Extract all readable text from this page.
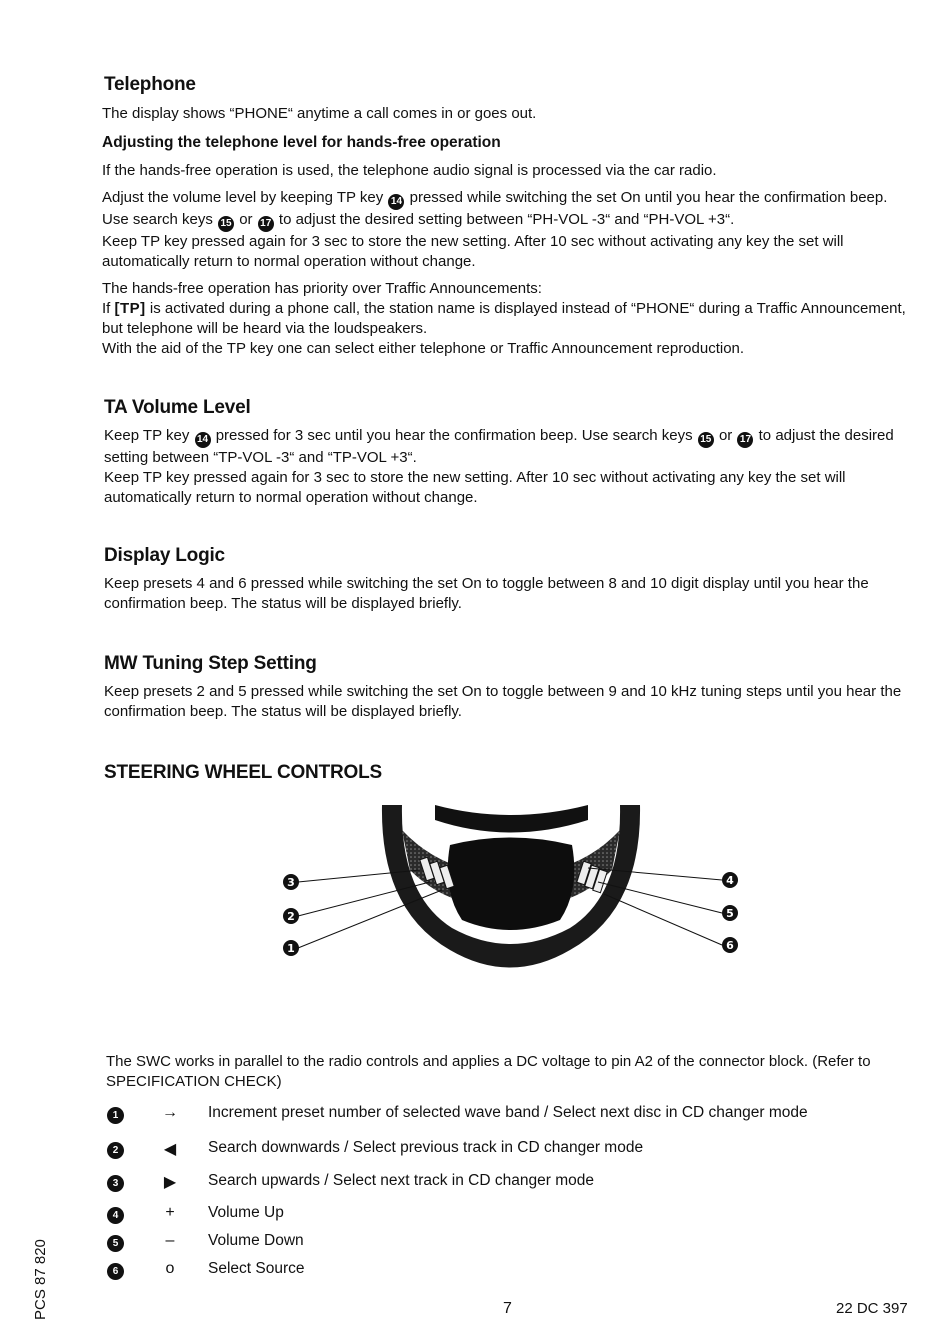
Telephone

The display shows “PHONE“ anytime a call comes in or goes out.

Adjusting the telephone level for hands-free operation

If the hands-free operation is used, the telephone audio signal is processed via the car radio.

Adjust the volume level by keeping TP key 14 pressed while switching the set On until you hear the confirmation beep. Use search keys 15 or 17 to adjust the desired setting between “PH-VOL -3“ and “PH-VOL +3“.
Keep TP key pressed again for 3 sec to store the new setting. After 10 sec without activating any key the set will automatically return to normal operation without change.

The hands-free operation has priority over Traffic Announcements:
If [TP] is activated during a phone call, the station name is displayed instead of “PHONE“ during a Traffic Announcement, but telephone will be heard via the loudspeakers.
With the aid of the TP key one can select either telephone or Traffic Announcement reproduction.

TA Volume Level

Keep TP key 14 pressed for 3 sec until you hear the confirmation beep. Use search keys 15 or 17 to adjust the desired setting between “TP-VOL -3“ and “TP-VOL +3“.
Keep TP key pressed again for 3 sec to store the new setting. After 10 sec without activating any key the set will automatically return to normal operation without change.

Display Logic

Keep presets 4 and 6 pressed while switching the set On to toggle between 8 and 10 digit display until you hear the confirmation beep. The status will be displayed briefly.

MW Tuning Step Setting

Keep presets 2 and 5 pressed while switching the set On to toggle between 9 and 10 kHz tuning steps until you hear the confirmation beep. The status will be displayed briefly.

STEERING WHEEL CONTROLS
3
2
1
4
5
6

The SWC works in parallel to the radio controls and applies a DC voltage to pin A2 of the connector block. (Refer to SPECIFICATION CHECK)

1	→ Increment preset number of selected wave band / Select next disc in CD changer mode
2	◀	Search downwards / Select previous track in CD changer mode
3	▶	Search upwards / Select next track in CD changer mode
4	+	Volume Up
5	–	Volume Down
6	o	Select Source
PCS 87 820	7	22 DC 397
